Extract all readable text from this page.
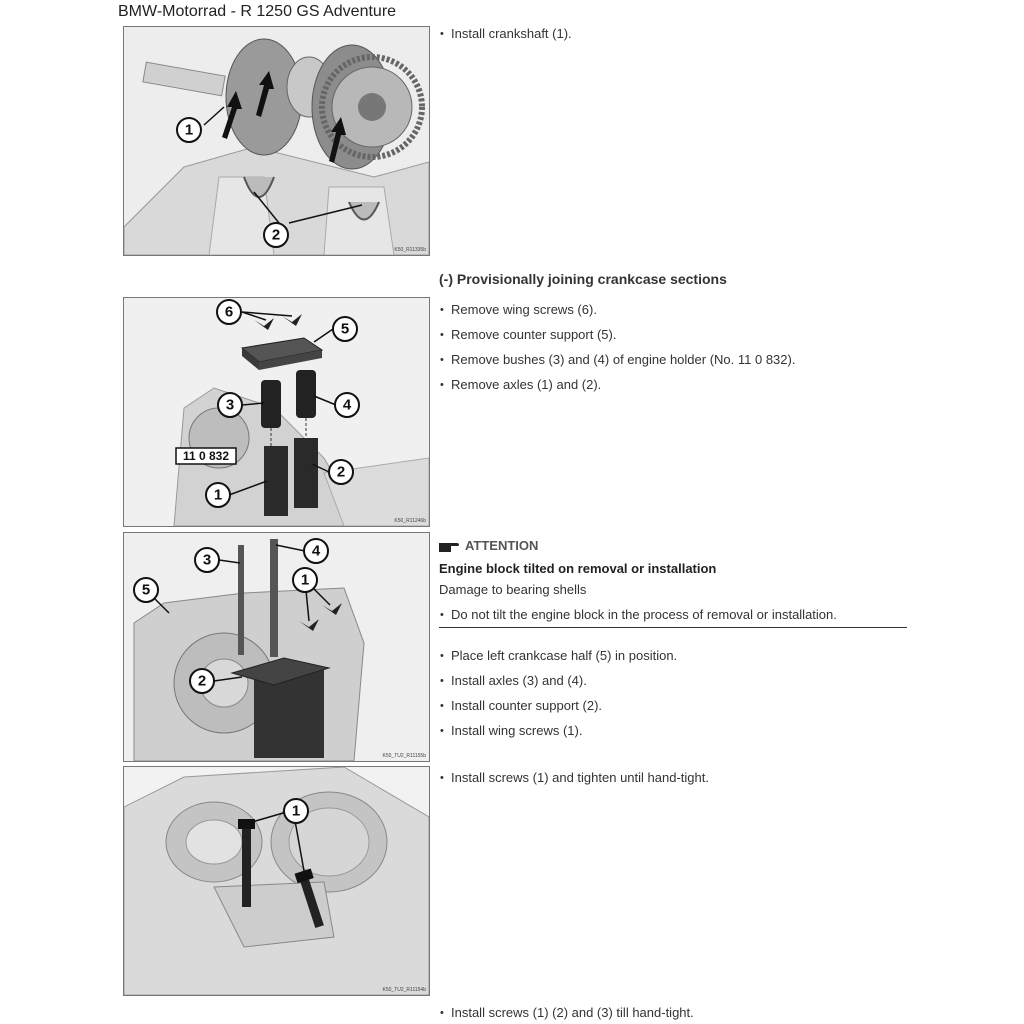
BMW-Motorrad - R 1250 GS Adventure
1
2
K50_R11335b
11 0 832
6
5
3	4
2
1
K50_R11246b
3
4
5
1
2
K50_TU2_R11155b
1
K50_TU2_R11154b

• Install crankshaft (1).

(-) Provisionally joining crankcase sections

• Remove wing screws (6).

• Remove counter support (5).

• Remove bushes (3) and (4) of engine holder (No. 11 0 832).

• Remove axles (1) and (2).

ATTENTION
Engine block tilted on removal or installation
Damage to bearing shells

• Do not tilt the engine block in the process of removal or installation.

• Place left crankcase half (5) in position.

• Install axles (3) and (4).

• Install counter support (2).

• Install wing screws (1).

• Install screws (1) and tighten until hand-tight.

• Install screws (1) (2) and (3) till hand-tight.
